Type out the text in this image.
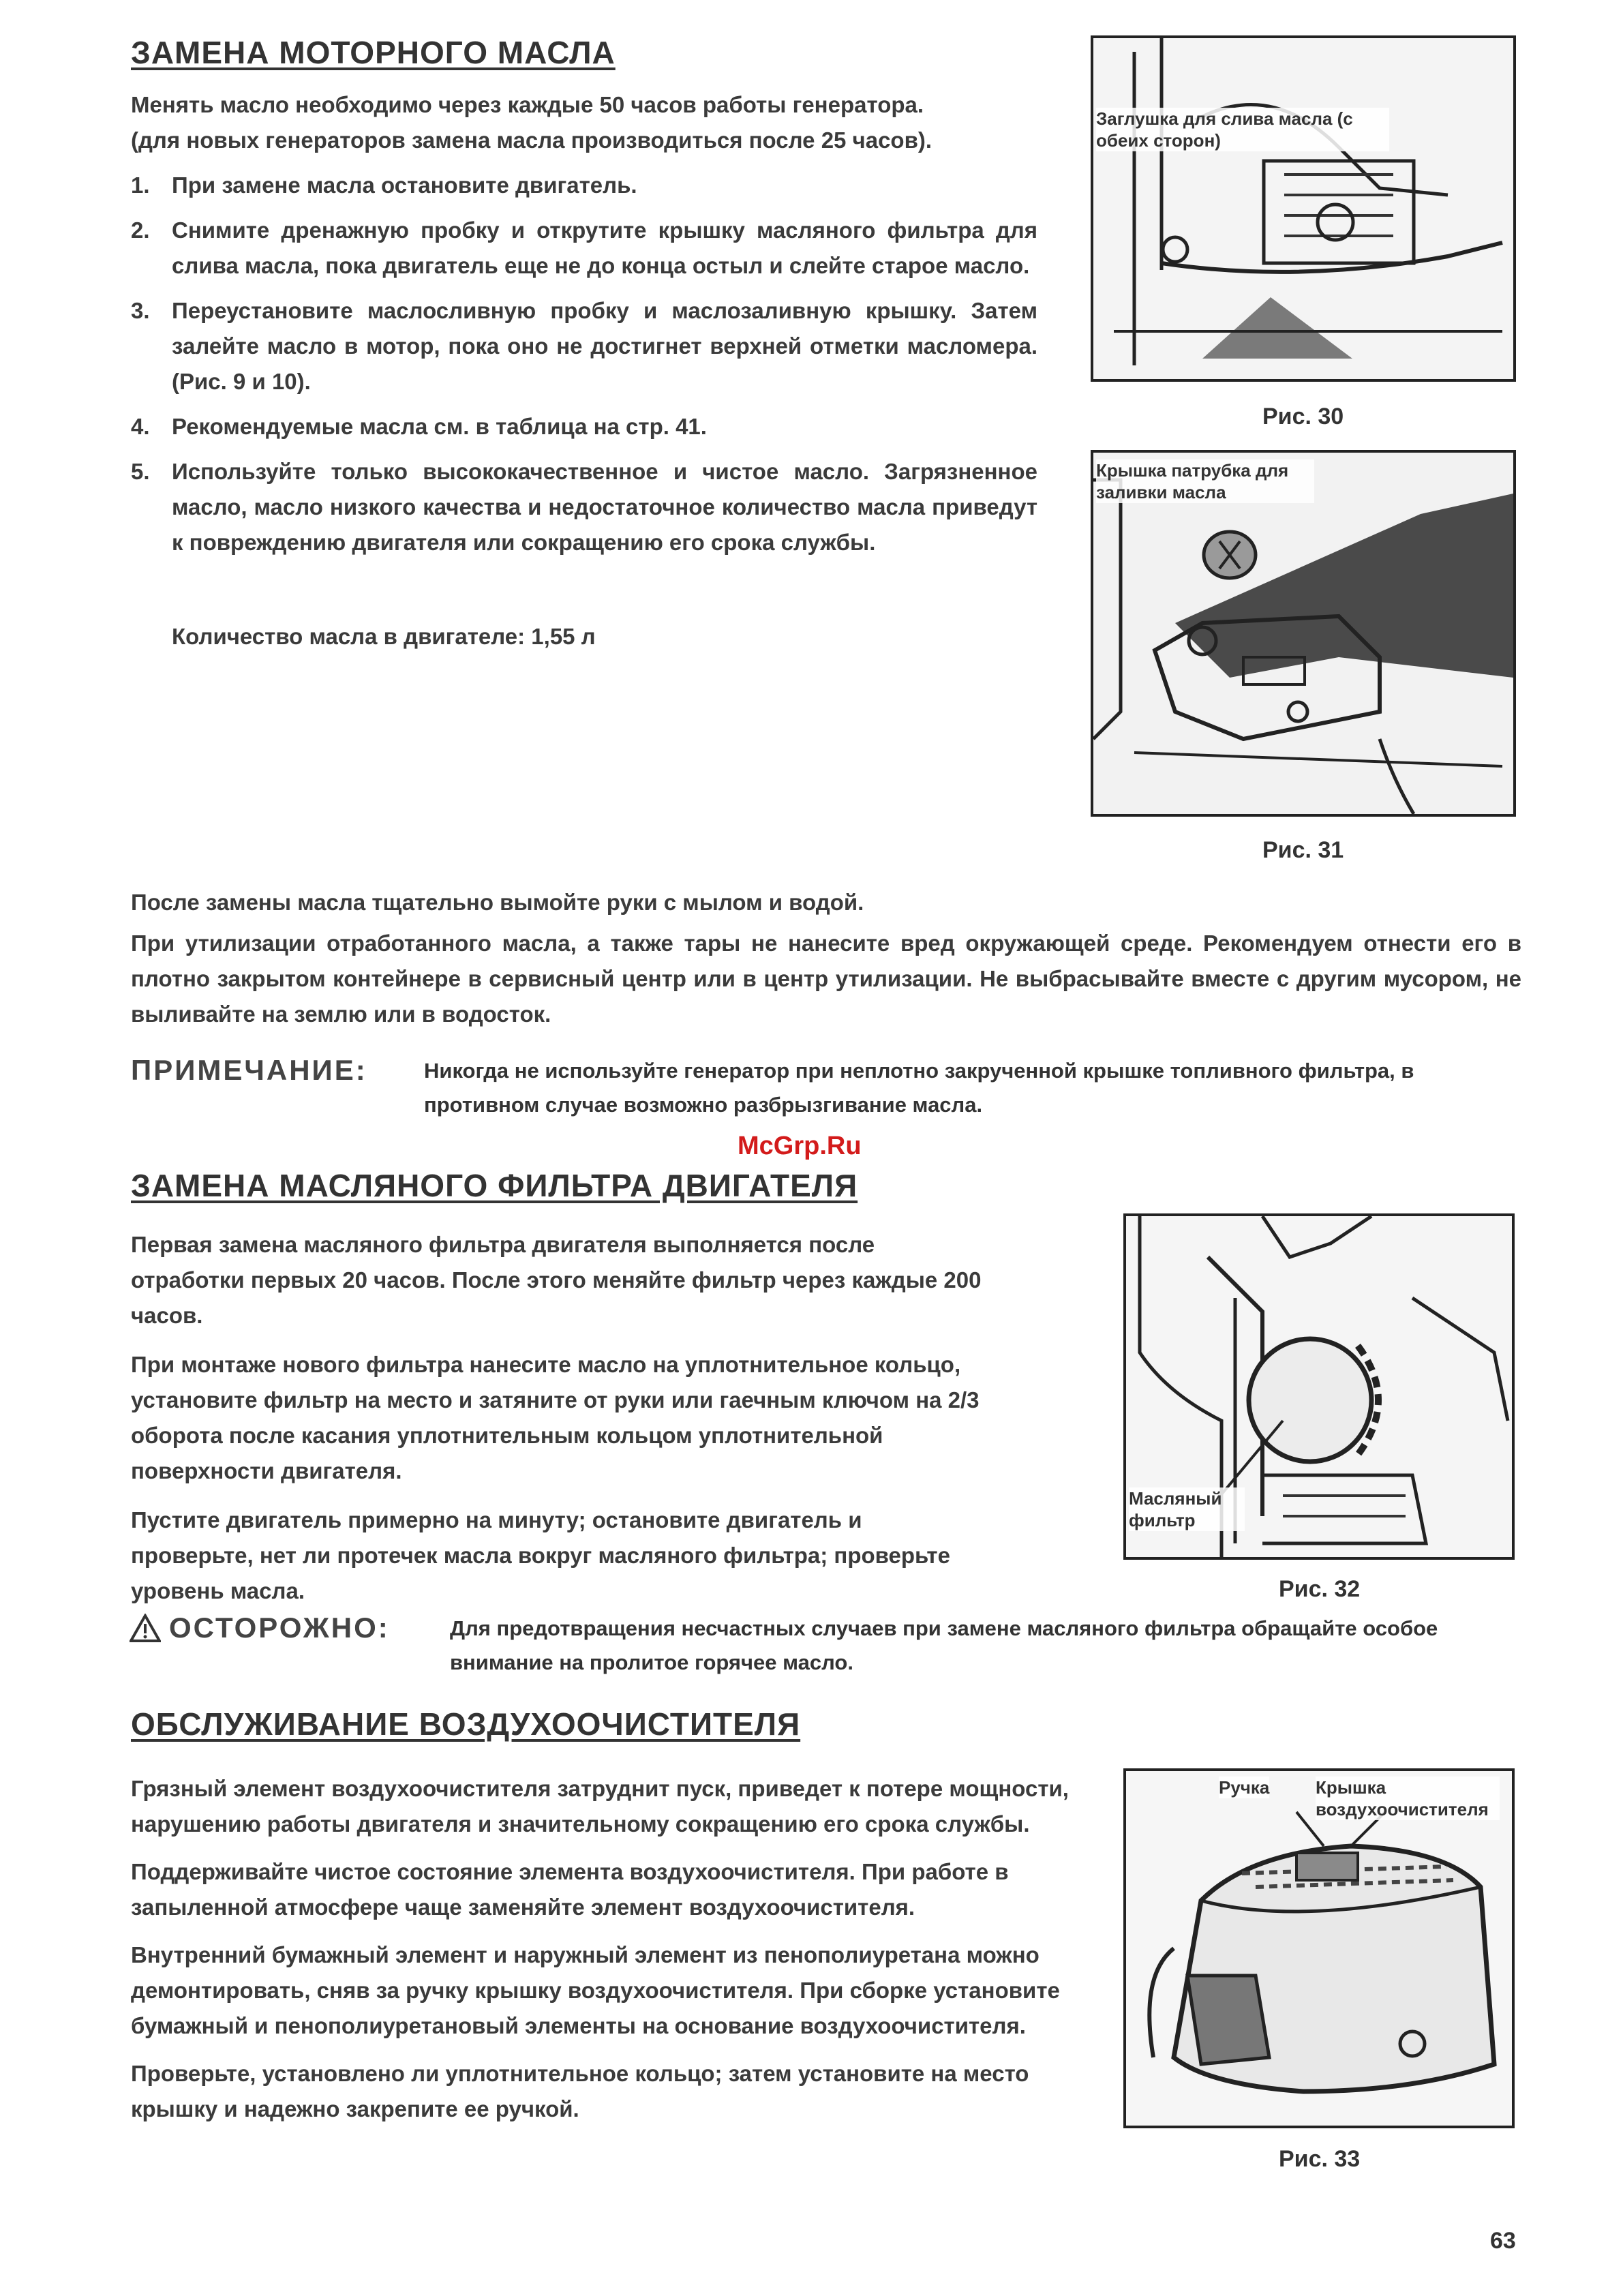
ЗАМЕНА МОТОРНОГО МАСЛА
Менять масло необходимо через каждые 50 часов работы генератора.
(для новых генераторов замена масла производиться после 25 часов).
1. При замене масла остановите двигатель.
2. Снимите дренажную пробку и открутите крышку масляного фильтра для слива масла, пока двигатель еще не до конца остыл и слейте старое масло.
3. Переустановите маслосливную пробку и маслозаливную крышку. Затем залейте масло в мотор, пока оно не достигнет верхней отметки масломера. (Рис. 9 и 10).
4. Рекомендуемые масла см. в таблица на стр. 41.
5. Используйте только высококачественное и чистое масло. Загрязненное масло, масло низкого качества и недостаточное количество масла приведут к повреждению двигателя или сокращению его срока службы.
Количество масла в двигателе: 1,55 л
Заглушка для слива масла (с обеих сторон)
Рис. 30
Крышка патрубка для заливки масла
Рис. 31
После замены масла тщательно вымойте руки с мылом и водой.
При утилизации отработанного масла, а также тары не нанесите вред окружающей среде. Рекомендуем отнести его в плотно закрытом контейнере в сервисный центр или в центр утилизации. Не выбрасывайте вместе с другим мусором, не выливайте на землю или в водосток.
ПРИМЕЧАНИЕ:	Никогда не используйте генератор при неплотно закрученной крышке топливного фильтра, в противном случае возможно разбрызгивание масла.
McGrp.Ru
ЗАМЕНА МАСЛЯНОГО ФИЛЬТРА ДВИГАТЕЛЯ
Первая замена масляного фильтра двигателя выполняется после отработки первых 20 часов. После этого меняйте фильтр через каждые 200 часов.
При монтаже нового фильтра нанесите масло на уплотнительное кольцо, установите фильтр на место и затяните от руки или гаечным ключом на 2/3 оборота после касания уплотнительным кольцом уплотнительной поверхности двигателя.
Пустите двигатель примерно на минуту; остановите двигатель и проверьте, нет ли протечек масла вокруг масляного фильтра; проверьте уровень масла.
Масляный фильтр
Рис. 32
ОСТОРОЖНО:	Для предотвращения несчастных случаев при замене масляного фильтра обращайте особое внимание на пролитое горячее масло.
ОБСЛУЖИВАНИЕ ВОЗДУХООЧИСТИТЕЛЯ
Грязный элемент воздухоочистителя затруднит пуск, приведет к потере мощности, нарушению работы двигателя и значительному сокращению его срока службы.
Поддерживайте чистое состояние элемента воздухоочистителя. При работе в запыленной атмосфере чаще заменяйте элемент воздухоочистителя.
Внутренний бумажный элемент и наружный элемент из пенополиуретана можно демонтировать, сняв за ручку крышку воздухоочистителя. При сборке установите бумажный и пенополиуретановый элементы на основание воздухоочистителя.
Проверьте, установлено ли уплотнительное кольцо; затем установите на место крышку и надежно закрепите ее ручкой.
Ручка	Крышка воздухоочистителя
Рис. 33
63
